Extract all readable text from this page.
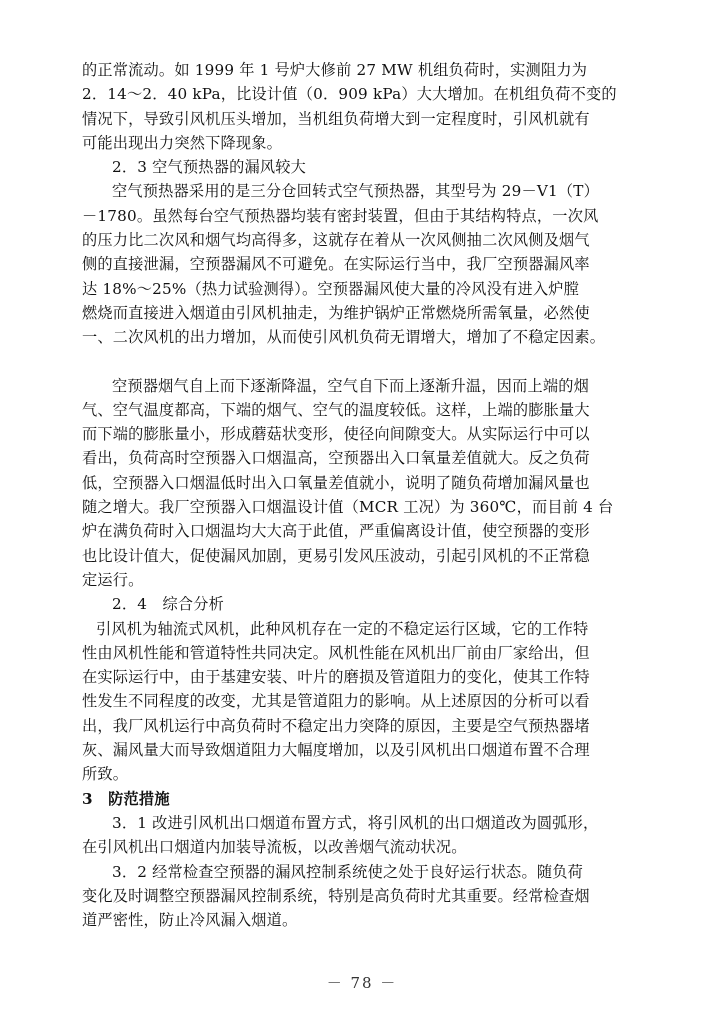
的正常流动。如 1999 年 1 号炉大修前 27 MW 机组负荷时，实测阻力为
2．14～2．40 kPa，比设计值（0．909 kPa）大大增加。在机组负荷不变的
情况下，导致引风机压头增加，当机组负荷增大到一定程度时，引风机就有
可能出现出力突然下降现象。
2．3 空气预热器的漏风较大
空气预热器采用的是三分仓回转式空气预热器，其型号为 29－V1（T）
－1780。虽然每台空气预热器均装有密封装置，但由于其结构特点，一次风
的压力比二次风和烟气均高得多，这就存在着从一次风侧抽二次风侧及烟气
侧的直接泄漏，空预器漏风不可避免。在实际运行当中，我厂空预器漏风率
达 18%～25%（热力试验测得）。空预器漏风使大量的冷风没有进入炉膛
燃烧而直接进入烟道由引风机抽走，为维护锅炉正常燃烧所需氧量，必然使
一、二次风机的出力增加，从而使引风机负荷无谓增大，增加了不稳定因素。
空预器烟气自上而下逐渐降温，空气自下而上逐渐升温，因而上端的烟
气、空气温度都高，下端的烟气、空气的温度较低。这样，上端的膨胀量大
而下端的膨胀量小，形成蘑菇状变形，使径向间隙变大。从实际运行中可以
看出，负荷高时空预器入口烟温高，空预器出入口氧量差值就大。反之负荷
低，空预器入口烟温低时出入口氧量差值就小，说明了随负荷增加漏风量也
随之增大。我厂空预器入口烟温设计值（MCR 工况）为 360℃，而目前 4 台
炉在满负荷时入口烟温均大大高于此值，严重偏离设计值，使空预器的变形
也比设计值大，促使漏风加剧，更易引发风压波动，引起引风机的不正常稳
定运行。
2．4　综合分析
引风机为轴流式风机，此种风机存在一定的不稳定运行区域，它的工作特
性由风机性能和管道特性共同决定。风机性能在风机出厂前由厂家给出，但
在实际运行中，由于基建安装、叶片的磨损及管道阻力的变化，使其工作特
性发生不同程度的改变，尤其是管道阻力的影响。从上述原因的分析可以看
出，我厂风机运行中高负荷时不稳定出力突降的原因，主要是空气预热器堵
灰、漏风量大而导致烟道阻力大幅度增加，以及引风机出口烟道布置不合理
所致。
3　防范措施
3．1 改进引风机出口烟道布置方式，将引风机的出口烟道改为圆弧形，
在引风机出口烟道内加装导流板，以改善烟气流动状况。
3．2 经常检查空预器的漏风控制系统使之处于良好运行状态。随负荷
变化及时调整空预器漏风控制系统，特别是高负荷时尤其重要。经常检查烟
道严密性，防止冷风漏入烟道。
－ 78 －
